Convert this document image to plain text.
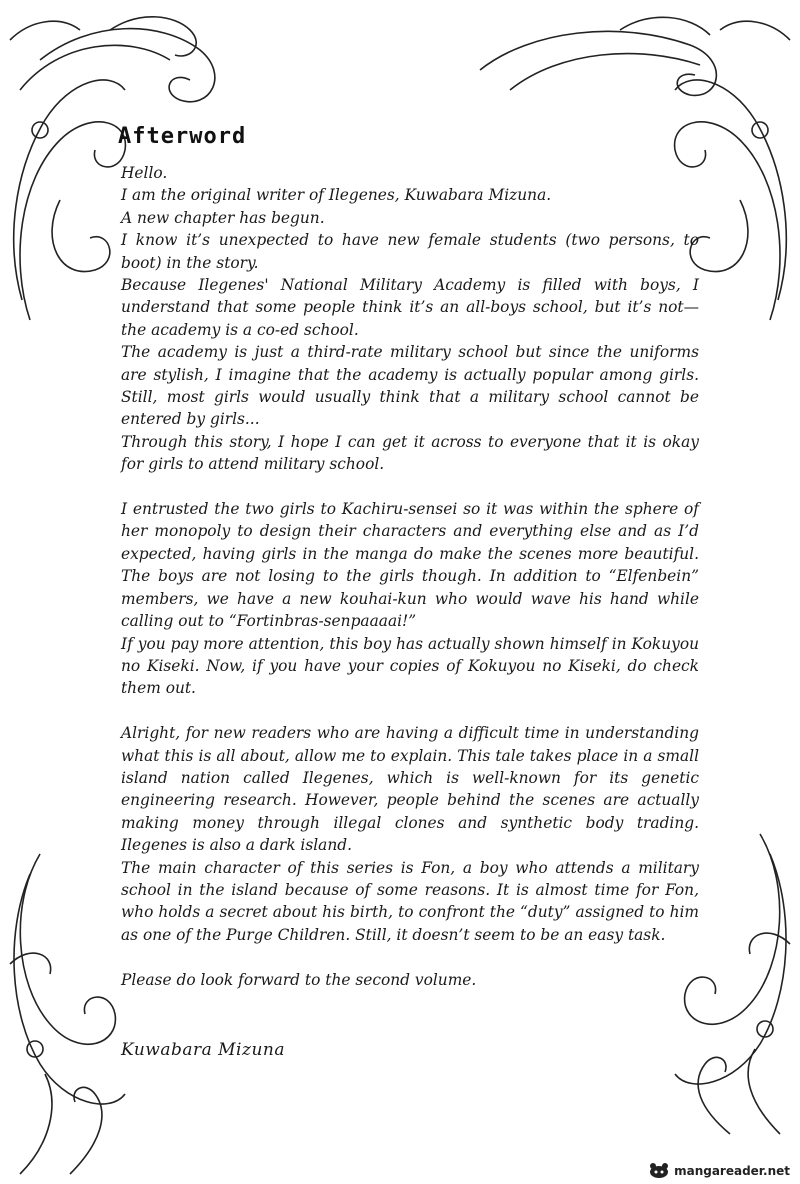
Afterword

Hello.

I am the original writer of Ilegenes, Kuwabara Mizuna.

A new chapter has begun.

I know it’s unexpected to have new female students (two persons, to boot) in the story.

Because Ilegenes' National Military Academy is filled with boys, I understand that some people think it’s an all-boys school, but it’s not—the academy is a co-ed school.

The academy is just a third-rate military school but since the uniforms are stylish, I imagine that the academy is actually popular among girls. Still, most girls would usually think that a military school cannot be entered by girls...

Through this story, I hope I can get it across to everyone that it is okay for girls to attend military school.

I entrusted the two girls to Kachiru-sensei so it was within the sphere of her monopoly to design their characters and everything else and as I’d expected, having girls in the manga do make the scenes more beautiful. The boys are not losing to the girls though. In addition to “Elfenbein” members, we have a new kouhai-kun who would wave his hand while calling out to “Fortinbras-senpaaaai!”

If you pay more attention, this boy has actually shown himself in Kokuyou no Kiseki. Now, if you have your copies of Kokuyou no Kiseki, do check them out.

Alright, for new readers who are having a difficult time in understanding what this is all about, allow me to explain. This tale takes place in a small island nation called Ilegenes, which is well-known for its genetic engineering research. However, people behind the scenes are actually making money through illegal clones and synthetic body trading. Ilegenes is also a dark island.

The main character of this series is Fon, a boy who attends a military school in the island because of some reasons. It is almost time for Fon, who holds a secret about his birth, to confront the “duty” assigned to him as one of the Purge Children. Still, it doesn’t seem to be an easy task.

Please do look forward to the second volume.

Kuwabara Mizuna
mangareader.net
